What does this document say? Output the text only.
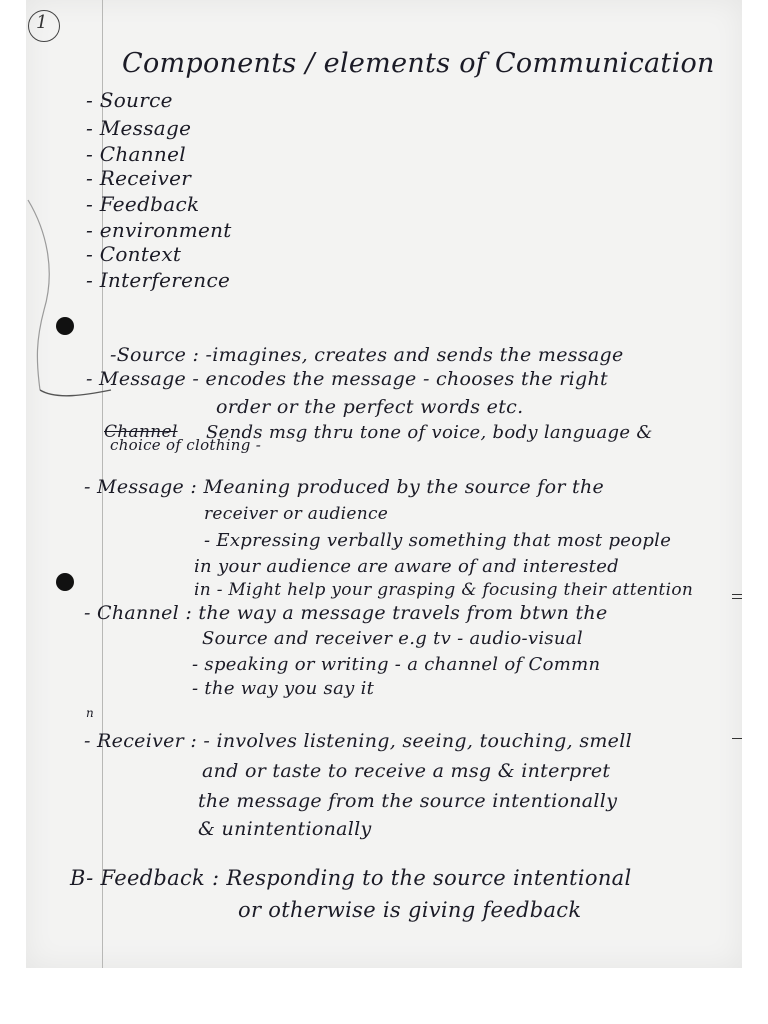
1
Components / elements of Communication
- Source
- Message
- Channel
- Receiver
- Feedback
- environment
- Context
- Interference
-Source : -imagines, creates and sends the message
- Message - encodes the message - chooses the right
order or the perfect words etc.
Channel Sends msg thru tone of voice, body language &
choice of clothing -
- Message : Meaning produced by the source for the
receiver or audience
- Expressing verbally something that most people
in your audience are aware of and interested
in - Might help your grasping & focusing their attention
- Channel : the way a message travels from btwn the
Source and receiver e.g tv - audio-visual
- speaking or writing - a channel of Commn
- the way you say it
n
- Receiver : - involves listening, seeing, touching, smell
and or taste to receive a msg & interpret
the message from the source intentionally
& unintentionally
B- Feedback : Responding to the source intentional
or otherwise is giving feedback
